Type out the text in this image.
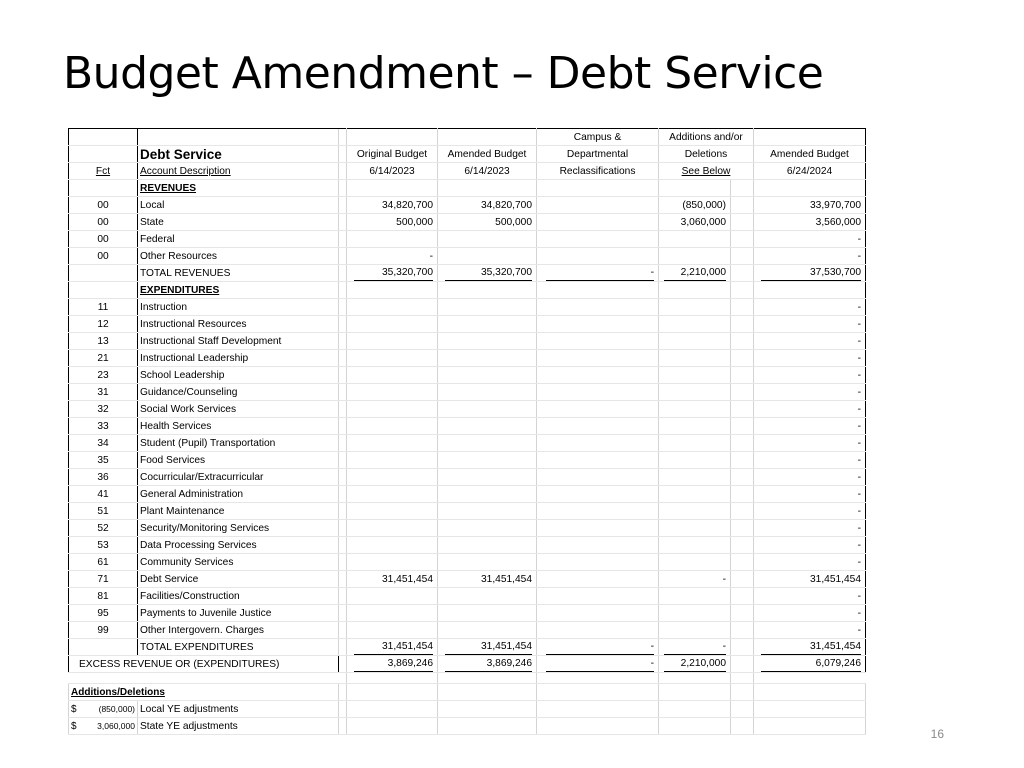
Budget Amendment – Debt Service
					Campus &	Additions and/or		
	Debt Service		Original Budget	Amended Budget	Departmental	Deletions		Amended Budget
Fct	Account Description		6/14/2023	6/14/2023	Reclassifications	See Below		6/24/2024
	REVENUES							
00	Local		34,820,700	34,820,700		(850,000)		33,970,700
00	State		500,000	500,000		3,060,000		3,560,000
00	Federal							-
00	Other Resources		-					-
	TOTAL REVENUES		35,320,700	35,320,700	-	2,210,000		37,530,700
	EXPENDITURES							
11	Instruction							-
12	Instructional Resources							-
13	Instructional Staff Development							-
21	Instructional Leadership							-
23	School Leadership							-
31	Guidance/Counseling							-
32	Social Work Services							-
33	Health Services							-
34	Student (Pupil) Transportation							-
35	Food Services							-
36	Cocurricular/Extracurricular							-
41	General Administration							-
51	Plant Maintenance							-
52	Security/Monitoring Services							-
53	Data Processing Services							-
61	Community Services							-
71	Debt Service		31,451,454	31,451,454		-		31,451,454
81	Facilities/Construction							-
95	Payments to Juvenile Justice							-
99	Other Intergovern. Charges							-
	TOTAL EXPENDITURES		31,451,454	31,451,454	-	-		31,451,454
EXCESS REVENUE OR (EXPENDITURES)			3,869,246	3,869,246	-	2,210,000		6,079,246

Additions/Deletions								

$ (850,000)	Local YE adjustments							

$ 3,060,000	State YE adjustments							
16
